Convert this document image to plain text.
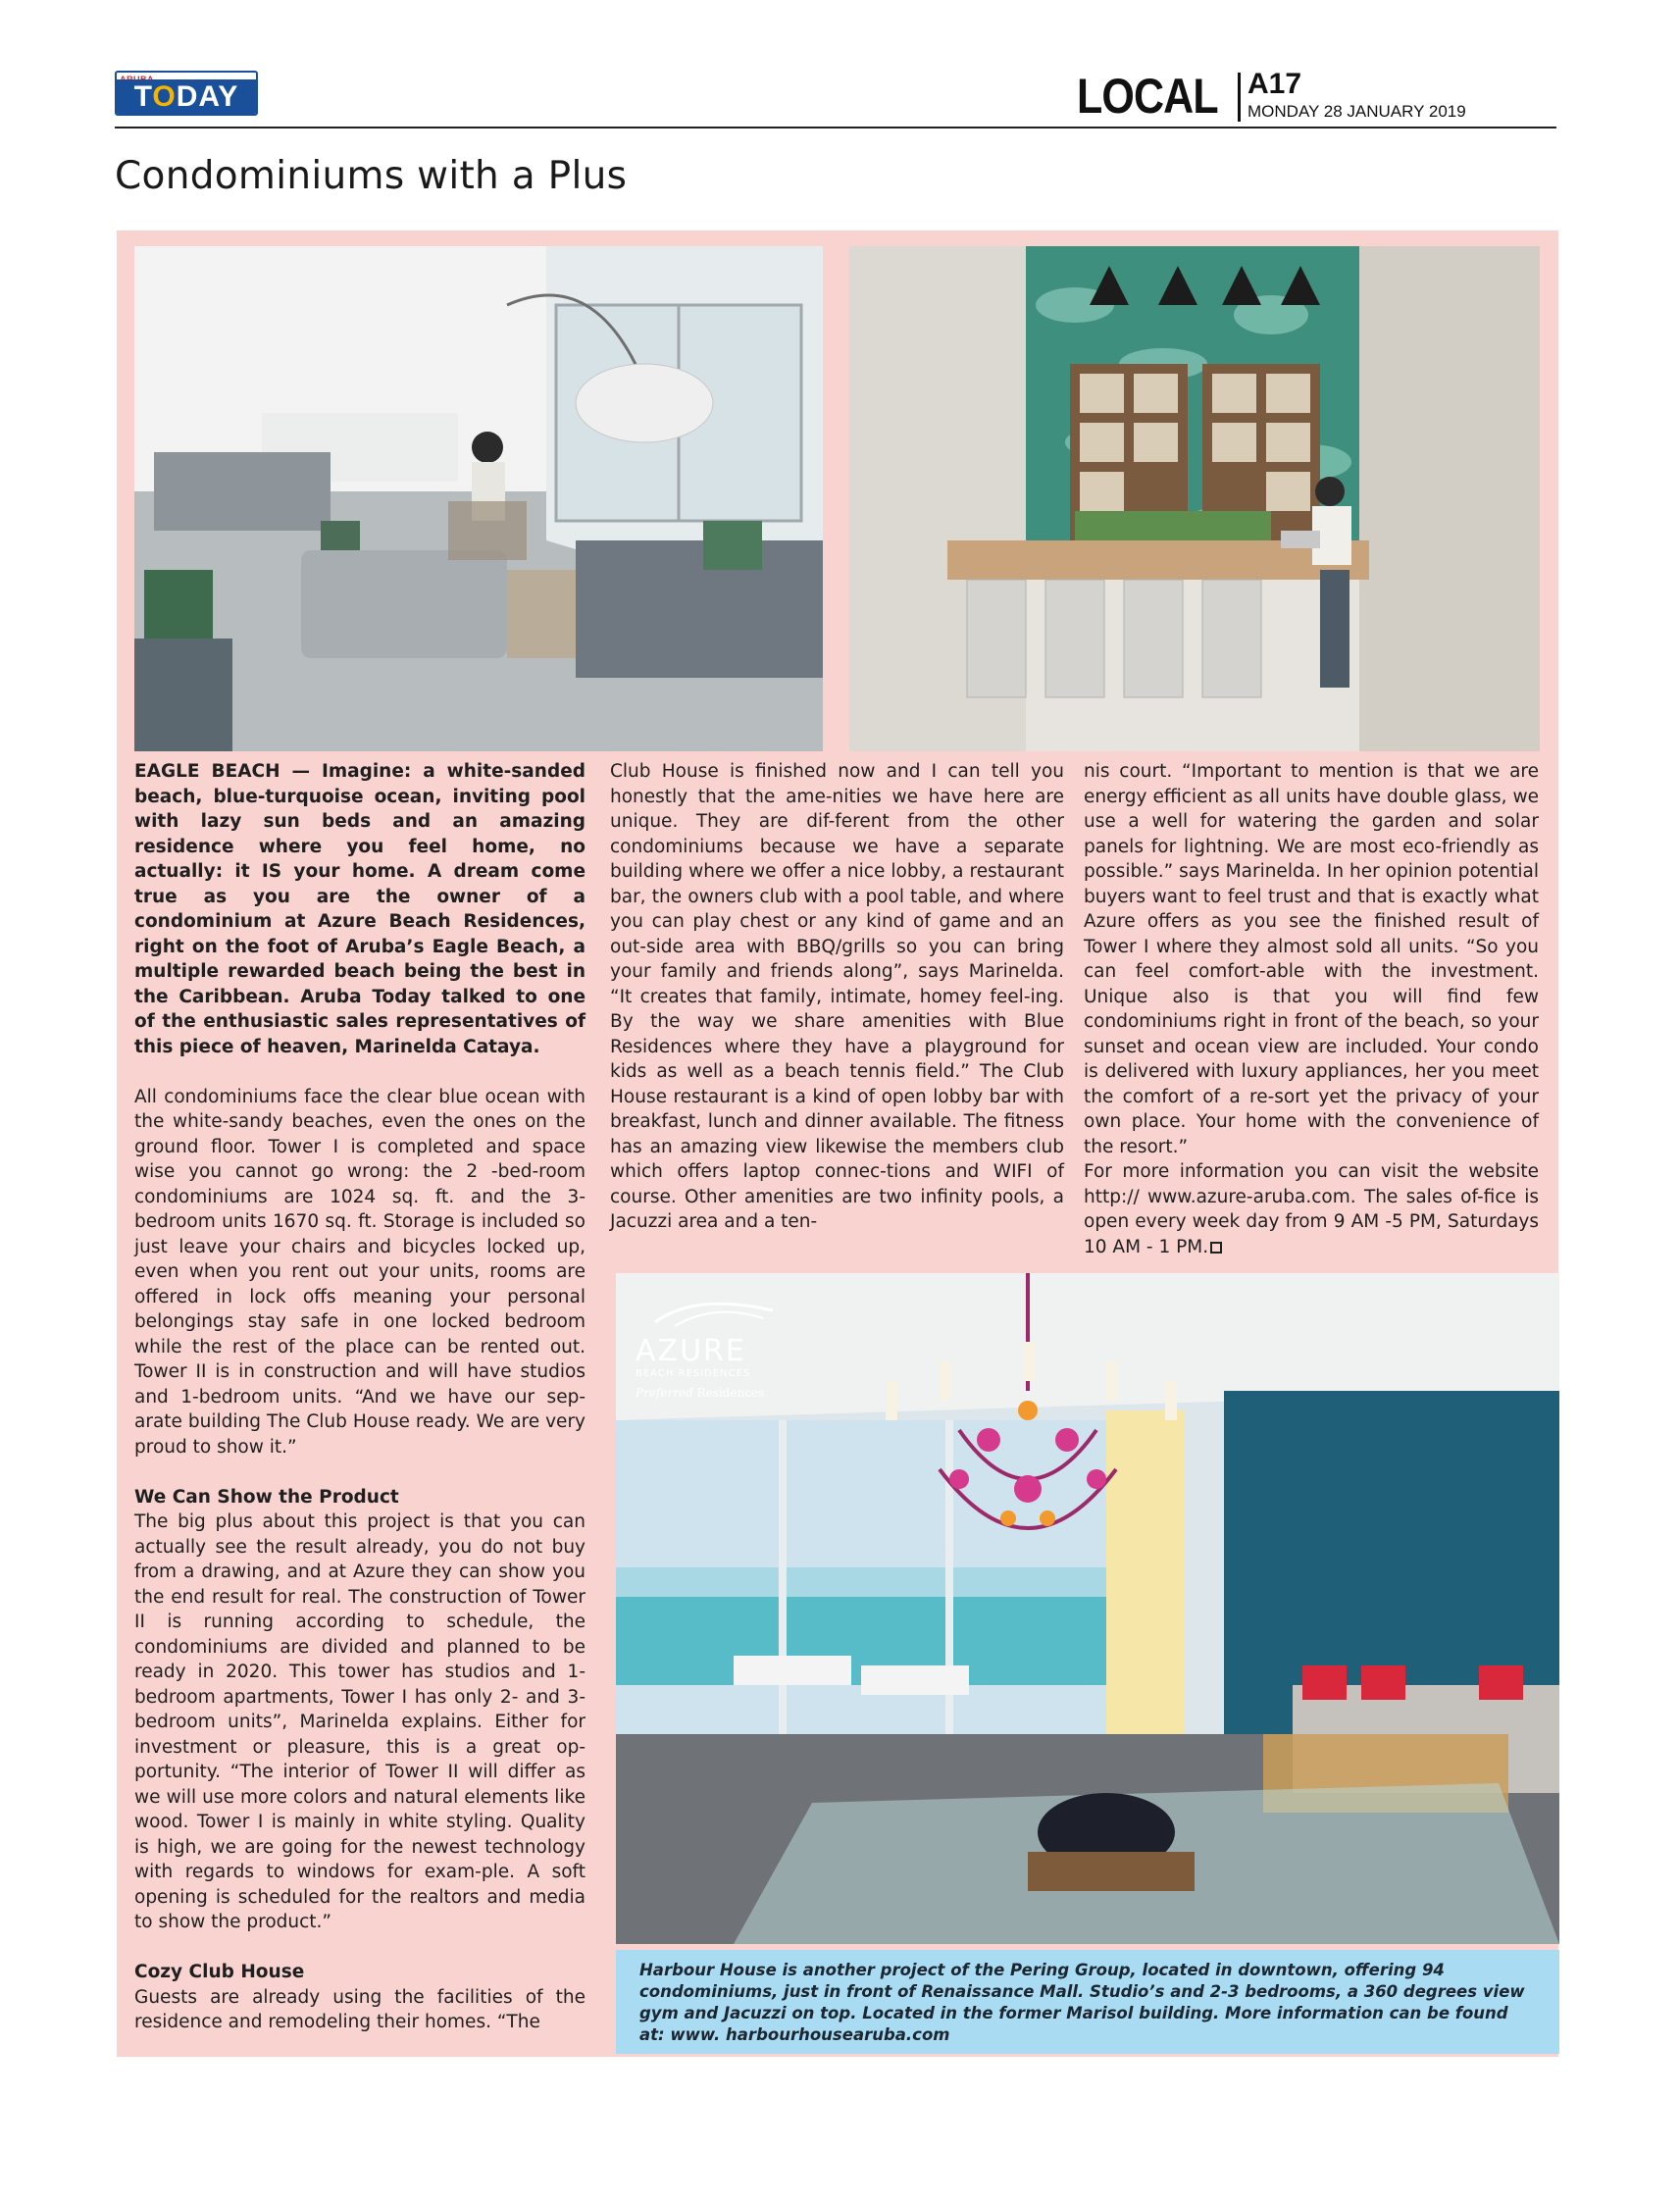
TODAY	LOCAL A17
MONDAY 28 JANUARY 2019
Condominiums with a Plus

EAGLE BEACH — Imagine: a white-sanded beach, blue-turquoise ocean, inviting pool with lazy sun beds and an amazing residence where you feel home, no actually: it IS your home. A dream come true as you are the owner of a condominium at Azure Beach Residences, right on the foot of Aruba’s Eagle Beach, a multiple rewarded beach being the best in the Caribbean. Aruba Today talked to one of the enthusiastic sales representatives of this piece of heaven, Marinelda Cataya.

All condominiums face the clear blue ocean with the white-sandy beaches, even the ones on the ground floor. Tower I is completed and space wise you cannot go wrong: the 2 -bed-room condominiums are 1024 sq. ft. and the 3-bedroom units 1670 sq. ft. Storage is included so just leave your chairs and bicycles locked up, even when you rent out your units, rooms are offered in lock offs meaning your personal belongings stay safe in one locked bedroom while the rest of the place can be rented out. Tower II is in construction and will have studios and 1-bedroom units. “And we have our sep-arate building The Club House ready. We are very proud to show it.”

We Can Show the Product

The big plus about this project is that you can actually see the result already, you do not buy from a drawing, and at Azure they can show you the end result for real. The construction of Tower II is running according to schedule, the condominiums are divided and planned to be ready in 2020. This tower has studios and 1-bedroom apartments, Tower I has only 2- and 3- bedroom units”, Marinelda explains. Either for investment or pleasure, this is a great op-portunity. “The interior of Tower II will differ as we will use more colors and natural elements like wood. Tower I is mainly in white styling. Quality is high, we are going for the newest technology with regards to windows for exam-ple. A soft opening is scheduled for the realtors and media to show the product.”

Cozy Club House

Guests are already using the facilities of the residence and remodeling their homes. “The

Club House is finished now and I can tell you honestly that the ame-nities we have here are unique. They are dif-ferent from the other condominiums because we have a separate building where we offer a nice lobby, a restaurant bar, the owners club with a pool table, and where you can play chest or any kind of game and an out-side area with BBQ/grills so you can bring your family and friends along”, says Marinelda. “It creates that family, intimate, homey feel-ing. By the way we share amenities with Blue Residences where they have a playground for kids as well as a beach tennis field.” The Club House restaurant is a kind of open lobby bar with breakfast, lunch and dinner available. The fitness has an amazing view likewise the members club which offers laptop connec-tions and WIFI of course. Other amenities are two infinity pools, a Jacuzzi area and a ten-

nis court. “Important to mention is that we are energy efficient as all units have double glass, we use a well for watering the garden and solar panels for lightning. We are most eco-friendly as possible.” says Marinelda. In her opinion potential buyers want to feel trust and that is exactly what Azure offers as you see the finished result of Tower I where they almost sold all units. “So you can feel comfort-able with the investment. Unique also is that you will find few condominiums right in front of the beach, so your sunset and ocean view are included. Your condo is delivered with luxury appliances, her you meet the comfort of a re-sort yet the privacy of your own place. Your home with the convenience of the resort.”

For more information you can visit the website http:// www.azure-aruba.com. The sales of-fice is open every week day from 9 AM -5 PM, Saturdays 10 AM - 1 PM.

AZURE
BEACH RESIDENCES
Preferred Residences

Harbour House is another project of the Pering Group, located in downtown, offering 94 condominiums, just in front of Renaissance Mall. Studio’s and 2-3 bedrooms, a 360 degrees view gym and Jacuzzi on top. Located in the former Marisol building. More information can be found at: www. harbourhousearuba.com
